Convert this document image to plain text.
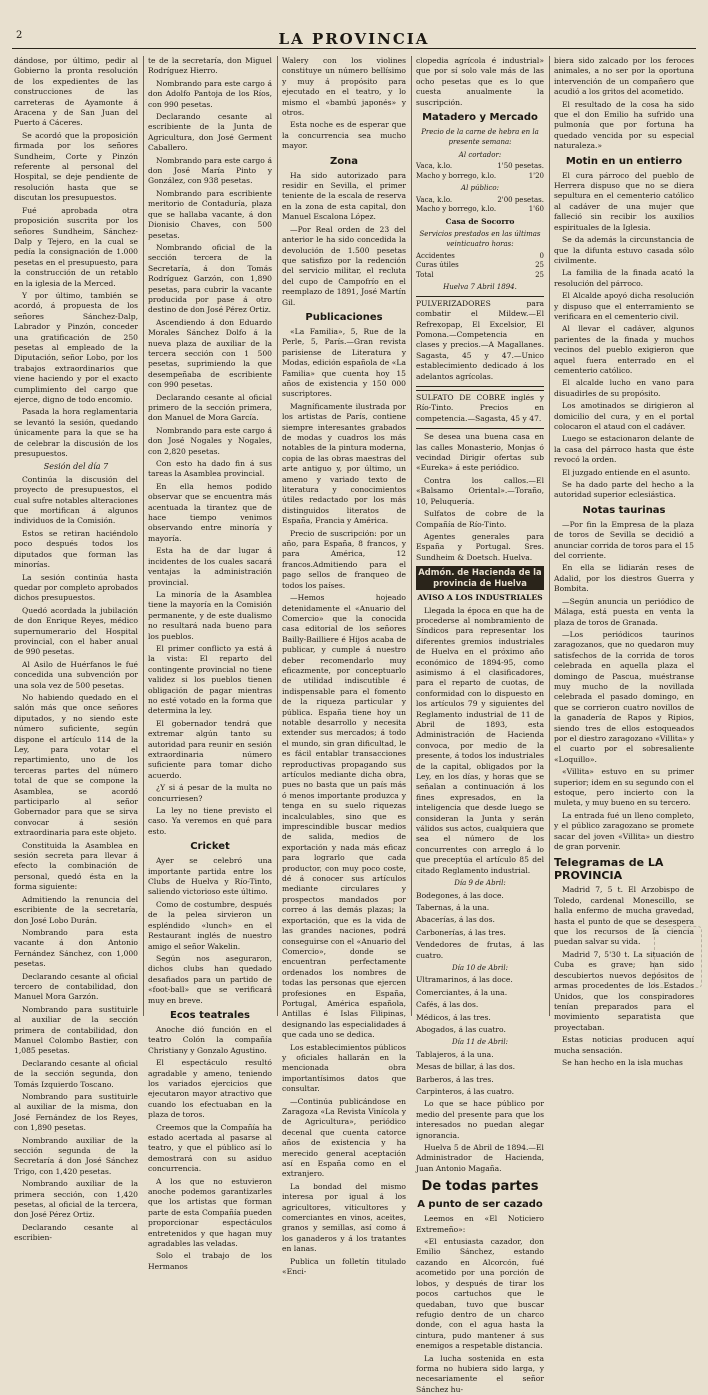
2	LA PROVINCIA

dándose, por último, pedir al Gobierno la pronta resolución de los expedientes de las construcciones de las carreteras de Ayamonte á Aracena y de San Juan del Puerto á Cáceres.

Se acordó que la proposición firmada por los señores Sundheim, Corte y Pinzón referente al personal del Hospital, se deje pendiente de resolución hasta que se discutan los presupuestos.

Fué aprobada otra proposición suscrita por los señores Sundheim, Sánchez-Dalp y Tejero, en la cual se pedía la consignación de 1.000 pesetas en el presupuesto, para la construcción de un retablo en la iglesia de la Merced.

Y por último, también se acordó, á propuesta de los señores Sánchez-Dalp, Labrador y Pinzón, conceder una gratificación de 250 pesetas al empleado de la Diputación, señor Lobo, por los trabajos extraordinarios que viene haciendo y por el exacto cumplimiento del cargo que ejerce, digno de todo encomio.

Pasada la hora reglamentaria se levantó la sesión, quedando únicamente para la que se ha de celebrar la discusión de los presupuestos.

Sesión del día 7

Continúa la discusión del proyecto de presupuestos, el cual sufre notables alteraciones que mortifican á algunos individuos de la Comisión.

Estos se retiran haciéndolo poco después todos los diputados que forman las minorías.

La sesión continúa hasta quedar por completo aprobados dichos presupuestos.

Quedó acordada la jubilación de don Enrique Reyes, médico supernumerario del Hospital provincial, con el haber anual de 990 pesetas.

Al Asilo de Huérfanos le fué concedida una subvención por una sola vez de 500 pesetas.

No habiendo quedado en el salón más que once señores diputados, y no siendo este número suficiente, según dispone el artículo 114 de la Ley, para votar el repartimiento, uno de los terceras partes del número total de que se compone la Asamblea, se acordó participarlo al señor Gobernador para que se sirva convocar á sesión extraordinaria para este objeto.

Constituida la Asamblea en sesión secreta para llevar á efecto la combinación de personal, quedó ésta en la forma siguiente:

Admitiendo la renuncia del escribiente de la secretaría, don José Lobo Durán.

Nombrando para esta vacante á don Antonio Fernández Sánchez, con 1,000 pesetas.

Declarando cesante al oficial tercero de contabilidad, don Manuel Mora Garzón.

Nombrando para sustituirle al auxiliar de la sección primera de contabilidad, don Manuel Colombo Bastier, con 1,085 pesetas.

Declarando cesante al oficial de la sección segunda, don Tomás Izquierdo Toscano.

Nombrando para sustituirle al auxiliar de la misma, don José Fernández de los Reyes, con 1,890 pesetas.

Nombrando auxiliar de la sección segunda de la Secretaría á don José Sánchez Trigo, con 1,420 pesetas.

Nombrando auxiliar de la primera sección, con 1,420 pesetas, al oficial de la tercera, don José Pérez Ortiz.

Declarando cesante al escribien-

te de la secretaría, don Miguel Rodríguez Hierro.

Nombrando para este cargo á don Adolfo Pantoja de los Ríos, con 990 pesetas.

Declarando cesante al escribiente de la Junta de Agricultura, don José Germent Caballero.

Nombrando para este cargo á don José María Pinto y González, con 938 pesetas.

Nombrando para escribiente meritorio de Contaduría, plaza que se hallaba vacante, á don Dionisio Chaves, con 500 pesetas.

Nombrando oficial de la sección tercera de la Secretaría, á don Tomás Rodríguez Garzón, con 1,890 pesetas, para cubrir la vacante producida por pase á otro destino de don José Pérez Ortiz.

Ascendiendo á don Eduardo Morales Sánchez Dolfo á la nueva plaza de auxiliar de la tercera sección con 1 500 pesetas, suprimiendo la que desempeñaba de escribiente con 990 pesetas.

Declarando cesante al oficial primero de la sección primera, don Manuel de Mora García.

Nombrando para este cargo á don José Nogales y Nogales, con 2,820 pesetas.

Con esto ha dado fin á sus tareas la Asamblea provincial.

En ella hemos podido observar que se encuentra más acentuada la tirantez que de hace tiempo venimos observando entre minoría y mayoría.

Esta ha de dar lugar á incidentes de los cuales sacará ventajas la administración provincial.

La minoría de la Asamblea tiene la mayoría en la Comisión permanente, y de este dualismo no resultará nada bueno para los pueblos.

El primer conflicto ya está á la vista: El reparto del contingente provincial no tiene validez si los pueblos tienen obligación de pagar mientras no esté votado en la forma que determina la ley.

El gobernador tendrá que extremar algún tanto su autoridad para reunir en sesión extraordinaria número suficiente para tomar dicho acuerdo.

¿Y si á pesar de la multa no concurriesen?

La ley no tiene previsto el caso. Ya veremos en qué para esto.

Cricket

Ayer se celebró una importante partida entre los Clubs de Huelva y Río-Tinto, saliendo victorioso este último.

Como de costumbre, después de la pelea sirvieron un espléndido «lunch» en el Restaurant inglés de nuestro amigo el señor Wakelin.

Según nos aseguraron, dichos clubs han quedado desafiados para un partido de «foot-ball» que se verificará muy en breve.

Ecos teatrales

Anoche dió función en el teatro Colón la compañía Christiany y Gonzalo Agustino.

El espectáculo resultó agradable y ameno, teniendo los variados ejercicios que ejecutaron mayor atractivo que cuando los efectuaban en la plaza de toros.

Creemos que la Compañía ha estado acertada al pasarse al teatro, y que el público así lo demostrará con su asiduo concurrencia.

A los que no estuvieron anoche podemos garantizarles que los artistas que forman parte de esta Compañía pueden proporcionar espectáculos entretenidos y que hagan muy agradables las veladas.

Solo el trabajo de los Hermanos

Walery con los violines constituye un número bellísimo y muy á propósito para ejecutado en el teatro, y lo mismo el «bambú japonés» y otros.

Esta noche es de esperar que la concurrencia sea mucho mayor.

Zona

Ha sido autorizado para residir en Sevilla, el primer teniente de la escala de reserva en la zona de esta capital, don Manuel Escalona López.

—Por Real orden de 23 del anterior le ha sido concedida la devolución de 1.500 pesetas que satisfizo por la redención del servicio militar, el recluta del cupo de Campofrío en el reemplazo de 1891, José Martín Gil.

Publicaciones

«La Familia», 5, Rue de la Perle, 5, París.—Gran revista parisiense de Literatura y Modas, edición española de «La Familia» que cuenta hoy 15 años de existencia y 150 000 suscriptores.

Magníficamente ilustrada por los artistas de París, contiene siempre interesantes grabados de modas y cuadros los más notables de la pintura moderna, copia de las obras maestras del arte antiguo y, por último, un ameno y variado texto de literatura y conocimientos útiles redactado por los más distinguidos literatos de España, Francia y América.

Precio de suscripción: por un año, para España, 8 francos, y para América, 12 francos.Admitiendo para el pago sellos de franqueo de todos los países.

—Hemos hojeado detenidamente el «Anuario del Comercio» que la conocida casa editorial de los señores Bailly-Bailliere é Hijos acaba de publicar, y cumple á nuestro deber recomendarlo muy eficazmente, por conceptuarlo de utilidad indiscutible é indispensable para el fomento de la riqueza particular y pública. España tiene hoy un notable desarrollo y necesita extender sus mercados; á todo el mundo, sin gran dificultad, le es fácil entablar transacciones reproductivas propagando sus artículos mediante dicha obra, pues no basta que un país más ó menos importante produzca y tenga en su suelo riquezas incalculables, sino que es imprescindible buscar medios de salida, medios de exportación y nada más eficaz para lograrlo que cada productor, con muy poco coste, dé á conocer sus artículos mediante circulares y prospectos mandados por correo á las demás plazas; la exportación, que es la vida de las grandes naciones, podrá conseguirse con el «Anuario del Comercio», donde se encuentran perfectamente ordenados los nombres de todas las personas que ejercen profesiones en España, Portugal, América española, Antillas é Islas Filipinas, designando las especialidades á que cada uno se dedica.

Los establecimientos públicos y oficiales hallarán en la mencionada obra importantísimos datos que consultar.

—Continúa publicándose en Zaragoza «La Revista Vinícola y de Agricultura», periódico decenal que cuenta catorce años de existencia y ha merecido general aceptación así en España como en el extranjero.

La bondad del mismo interesa por igual á los agricultores, viticultores y comerciantes en vinos, aceites, granos y semillas, así como á los ganaderos y á los tratantes en lanas.

Publica un folletín titulado «Enci-

clopedia agrícola é industrial» que por sí solo vale más de las ocho pesetas que es lo que cuesta anualmente la suscripción.

Matadero y Mercado
Precio de la carne de hebra en la presente semana:
Al cortador:
Vaca, k.lo.	1'50 pesetas.
Macho y borrego, k.lo.	1'20
Al público:
Vaca, k.lo.	2'00 pesetas.
Macho y borrego, k.lo.	1'60
Casa de Socorro
Servicios prestados en las últimas veinticuatro horas:
Accidentes	0
Curas útiles	25
Total	25
Huelva 7 Abril 1894.

PULVERIZADORES para combatir el Mildew.—El Refrexopap, El Excelsior, El Pomona.—Competencia en clases y precios.—A Magallanes. Sagasta, 45 y 47.—Unico establecimiento dedicado á los adelantos agrícolas.

SULFATO DE COBRE inglés y Río-Tinto. Precios en competencia.—Sagasta, 45 y 47.

Se desea una buena casa en las calles Monasterio, Monjas ó vecindad Dirigir ofertas sub «Eureka» á este periódico.

Contra los callos.—El «Balsamo Oriental».—Toraño, 10, Peluquería.

Sulfatos de cobre de la Compañía de Río-Tinto.

Agentes generales para España y Portugal. Sres. Sundheim & Doetsch. Huelva.

Admón. de Hacienda de la provincia de Huelva
AVISO A LOS INDUSTRIALES

Llegada la época en que ha de procederse al nombramiento de Síndicos para representar los diferentes gremios industriales de Huelva en el próximo año económico de 1894-95, como asimismo á el clasificadores, para el reparto de cuotas, de conformidad con lo dispuesto en los artículos 79 y siguientes del Reglamento industrial de 11 de Abril de 1893, esta Administración de Hacienda convoca, por medio de la presente, á todos los industriales de la capital, obligados por la Ley, en los días, y horas que se señalan a continuación á los fines expresados, en la inteligencia que desde luego se consideran la Junta y serán válidos sus actos, cualquiera que sea el número de los concurrentes con arreglo á lo que preceptúa el artículo 85 del citado Reglamento industrial.

Día 9 de Abril:

Bodegones, á las doce.

Tabernas, á la una.

Abacerías, á las dos.

Carbonerías, á las tres.

Vendedores de frutas, á las cuatro.

Día 10 de Abril:

Ultramarinos, á las doce.

Comerciantes, á la una.

Cafés, á las dos.

Médicos, á las tres.

Abogados, á las cuatro.

Día 11 de Abril:

Tablajeros, á la una.

Mesas de billar, á las dos.

Barberos, á las tres.

Carpinteros, á las cuatro.

Lo que se hace público por medio del presente para que los interesados no puedan alegar ignorancia.

Huelva 5 de Abril de 1894.—El Administrador de Hacienda, Juan Antonio Magaña.

De todas partes
A punto de ser cazado

Leemos en «El Noticiero Extremeño»:

«El entusiasta cazador, don Emilio Sánchez, estando cazando en Alcorcón, fué acometido por una porción de lobos, y después de tirar los pocos cartuchos que le quedaban, tuvo que buscar refugio dentro de un charco donde, con el agua hasta la cintura, pudo mantener á sus enemigos a respetable distancia.

La lucha sostenida en esta forma no hubiera sido larga, y necesariamente el señor Sánchez hu-

biera sido zalcado por los feroces animales, a no ser por la oportuna intervención de un compañero que acudió a los gritos del acometido.

El resultado de la cosa ha sido que el don Emilio ha sufrido una pulmonía que por fortuna ha quedado vencida por su especial naturaleza.»

Motin en un entierro

El cura párroco del pueblo de Herrera dispuso que no se diera sepultura en el cementerio católico al cadáver de una mujer que falleció sin recibir los auxilios espirituales de la Iglesia.

Se da además la circunstancia de que la difunta estuvo casada sólo civilmente.

La familia de la finada acató la resolución del párroco.

El Alcalde apoyó dicha resolución y dispuso que el enterramiento se verificara en el cementerio civil.

Al llevar el cadáver, algunos parientes de la finada y muchos vecinos del pueblo exigieron que aquel fuera enterrado en el cementerio católico.

El alcalde lucho en vano para disuadirles de su propósito.

Los amotinados se dirigieron al domicilio del cura, y en el portal colocaron el ataud con el cadáver.

Luego se estacionaron delante de la casa del párroco hasta que éste revocó la orden.

El juzgado entiende en el asunto.

Se ha dado parte del hecho a la autoridad superior eclesiástica.

Notas taurinas

—Por fin la Empresa de la plaza de toros de Sevilla se decidió a anunciar corrida de toros para el 15 del corriente.

En ella se lidiarán reses de Adalid, por los diestros Guerra y Bombita.

—Según anuncia un periódico de Málaga, está puesta en venta la plaza de toros de Granada.

—Los periódicos taurinos zaragozanos, que no quedaron muy satisfechos de la corrida de toros celebrada en aquella plaza el domingo de Pascua, muéstranse muy mucho de la novillada celebrada el pasado domingo, en que se corrieron cuatro novillos de la ganadería de Rapos y Ripios, siendo tres de ellos estoqueados por el diestro zaragozano «Villita» y el cuarto por el sobresaliente «Loquillo».

«Villita» estuvo en su primer superior; idem en su segundo con el estoque, pero incierto con la muleta, y muy bueno en su tercero.

La entrada fué un lleno completo, y el público zaragozano se promete sacar del joven «Villita» un diestro de gran porvenir.

Telegramas de LA PROVINCIA

Madrid 7, 5 t. El Arzobispo de Toledo, cardenal Monescillo, se halla enfermo de mucha gravedad, hasta el punto de que se desespera que los recursos de la ciencia puedan salvar su vida.

Madrid 7, 5'30 t. La situación de Cuba es grave; han sido descubiertos nuevos depósitos de armas procedentes de los Estados Unidos, que los conspiradores tenían preparados para el movimiento separatista que proyectaban.

Estas noticias producen aquí mucha sensación.

Se han hecho en la isla muchas
